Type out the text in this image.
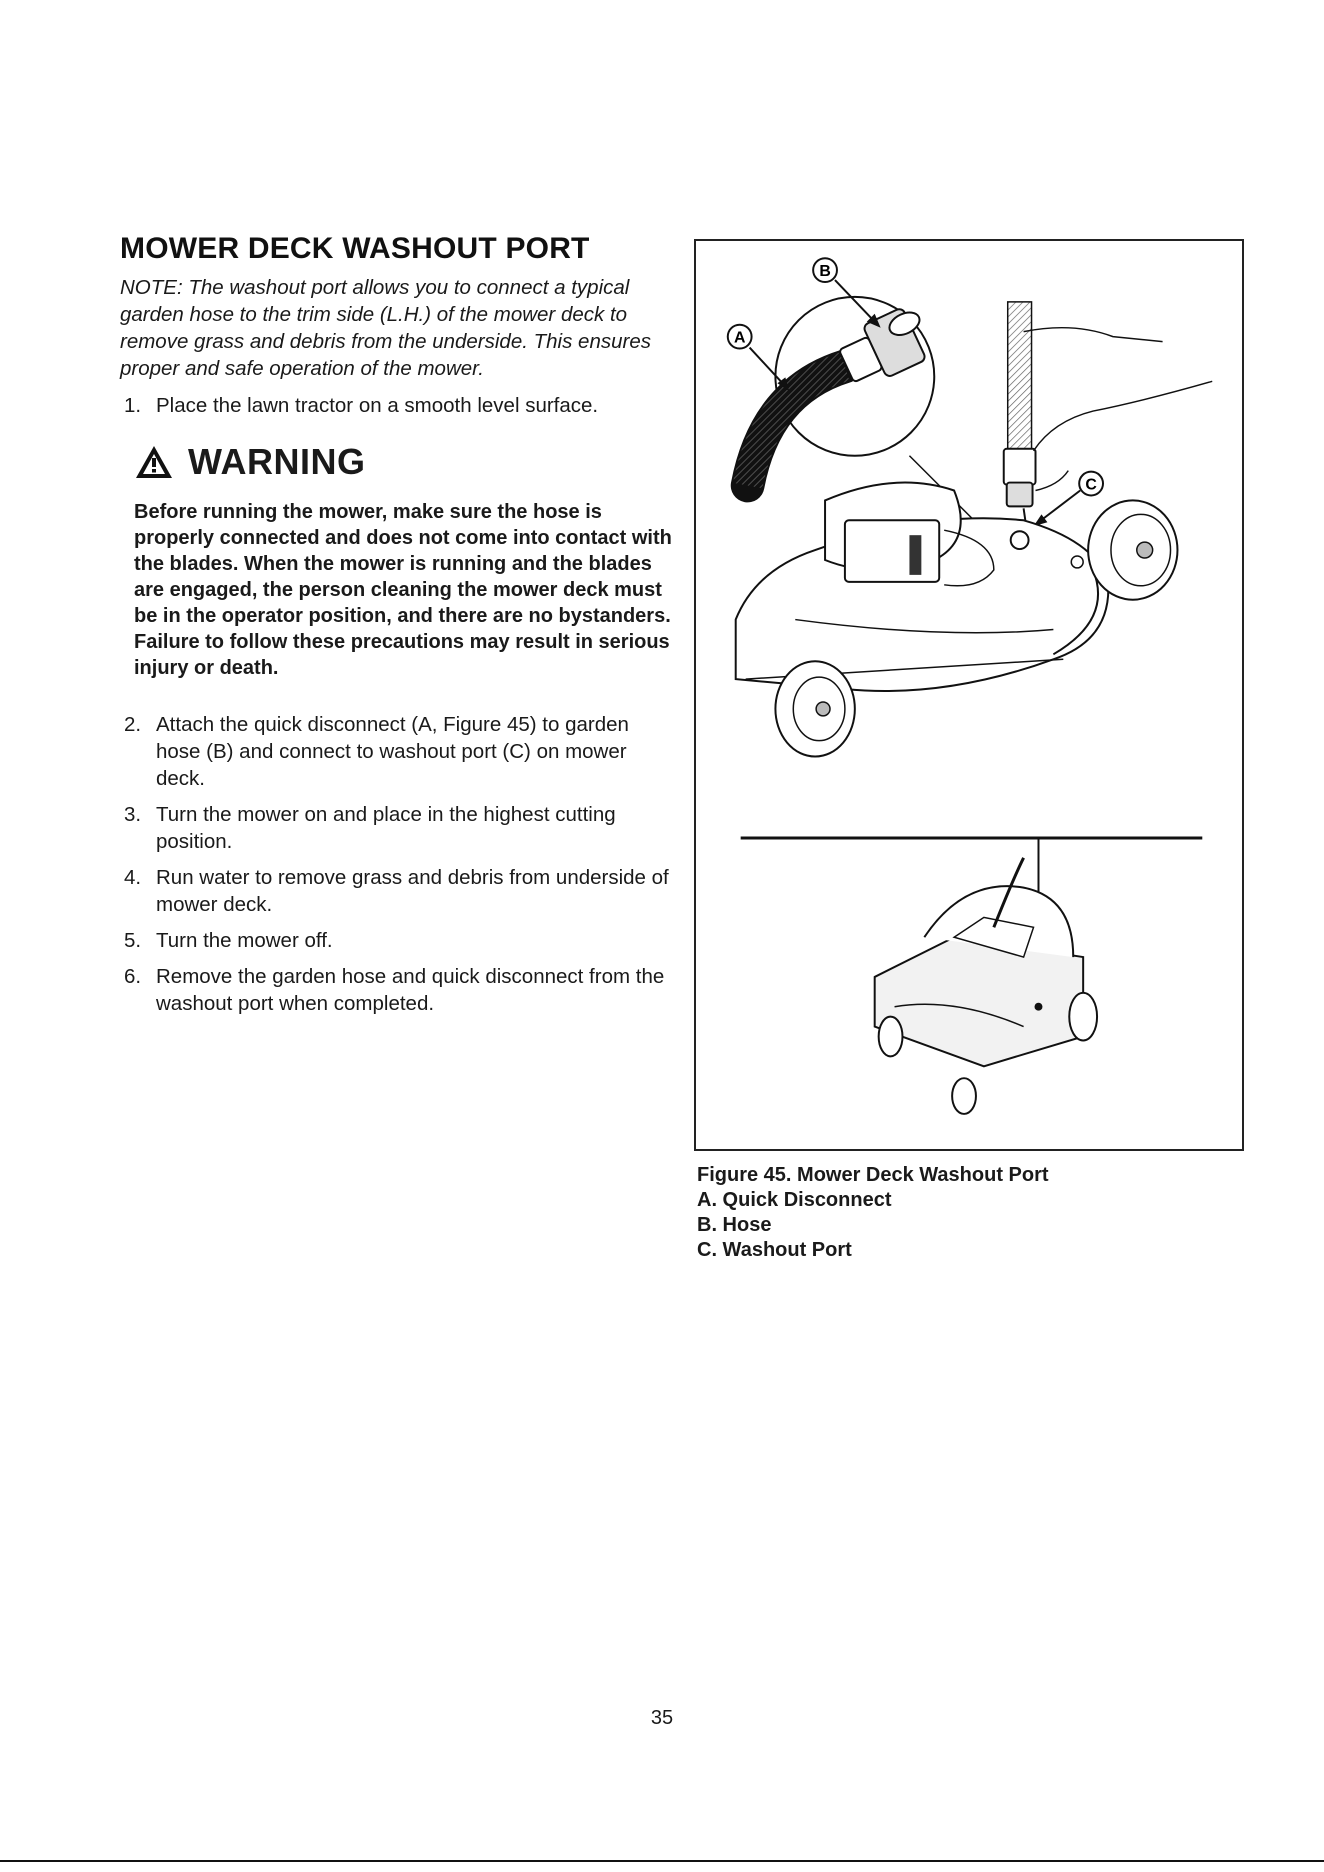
MOWER DECK WASHOUT PORT

NOTE: The washout port allows you to connect a typical garden hose to the trim side (L.H.) of the mower deck to remove grass and debris from the underside. This ensures proper and safe operation of the mower.

1. Place the lawn tractor on a smooth level surface.
WARNING
Before running the mower, make sure the hose is properly connected and does not come into contact with the blades. When the mower is running and the blades are engaged, the person cleaning the mower deck must be in the operator position, and there are no bystanders. Failure to follow these precautions may result in serious injury or death.
2. Attach the quick disconnect (A, Figure 45) to garden hose (B) and connect to washout port (C) on mower deck.
3. Turn the mower on and place in the highest cutting position.
4. Run water to remove grass and debris from underside of mower deck.
5. Turn the mower off.
6. Remove the garden hose and quick disconnect from the washout port when completed.
A
B
C
Figure 45. Mower Deck Washout Port
A. Quick Disconnect
B. Hose
C. Washout Port
35
